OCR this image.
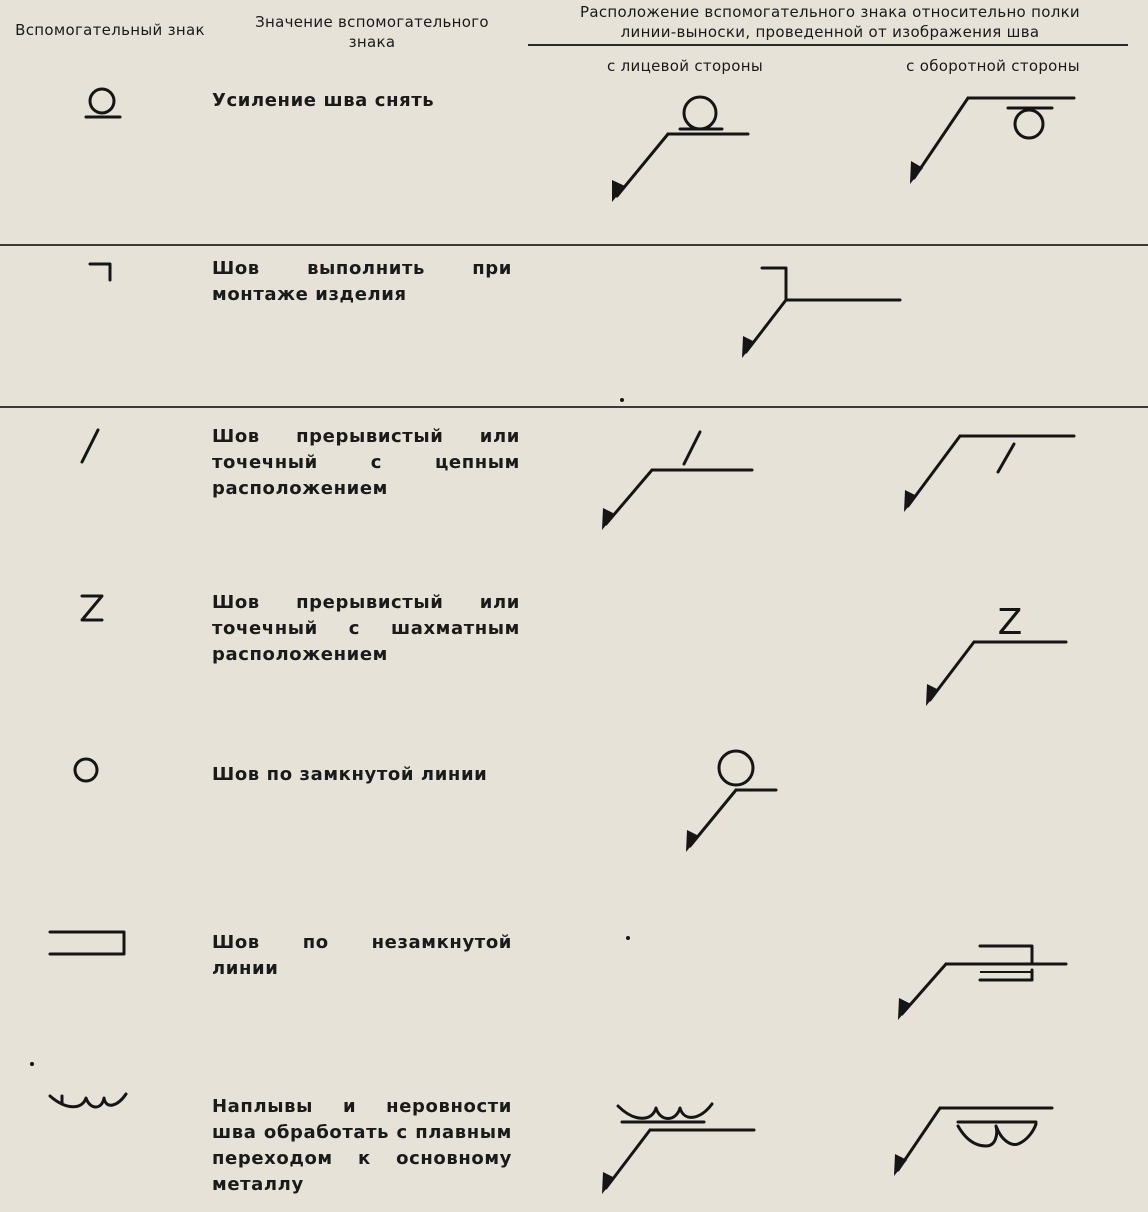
Вспомогательный знак	Значение вспомогательного знака
Расположение вспомогательного знака относительно полки линии-выноски, проведенной от изображения шва
с лицевой стороны	с оборотной стороны
Усиление шва снять
Шов выполнить при монтаже изделия
Шов прерывистый или точечный с цепным расположением
Шов прерывистый или точечный с шахматным расположением
Шов по замкнутой линии
Шов по незамкнутой линии
Наплывы и неровности шва обработать с плавным переходом к основному металлу
Z
